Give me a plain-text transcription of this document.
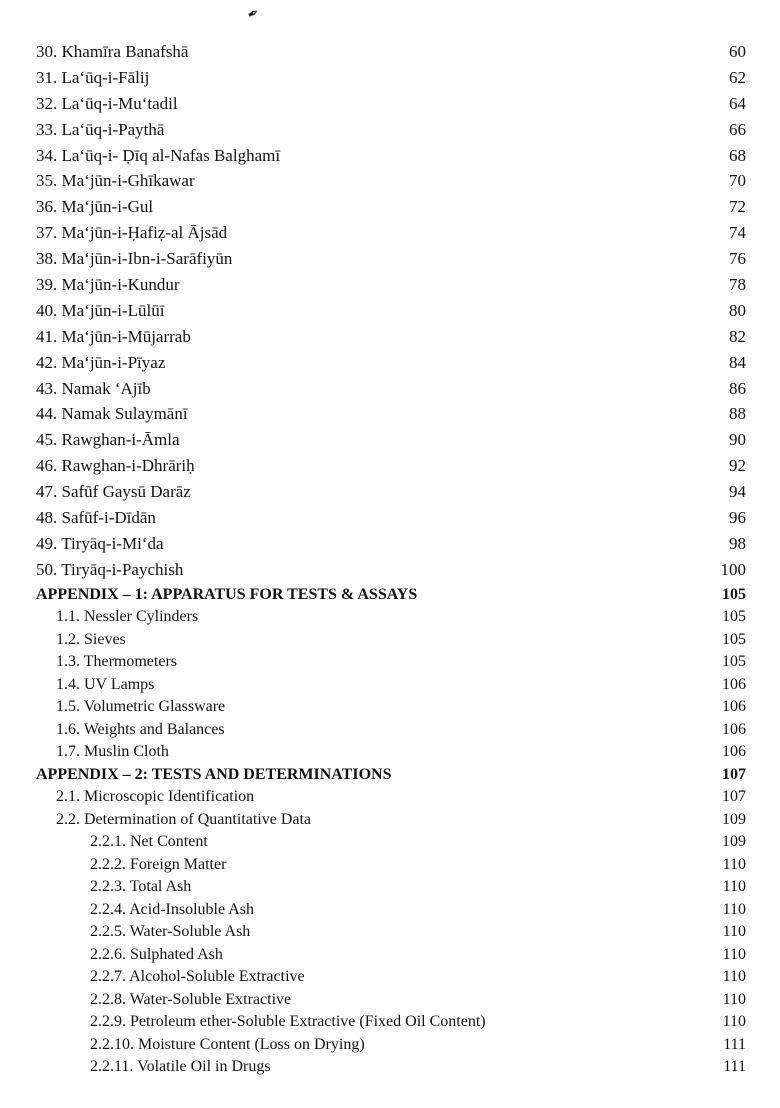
✒
30. Khamīra Banafshā	60
31. La‘ūq-i-Fālij	62
32. La‘ūq-i-Mu‘tadil	64
33. La‘ūq-i-Paythā	66
34. La‘ūq-i- Ḍīq al-Nafas Balghamī	68
35. Ma‘jūn-i-Ghīkawar	70
36. Ma‘jūn-i-Gul	72
37. Ma‘jūn-i-Ḥafiẓ-al Ājsād	74
38. Ma‘jūn-i-Ibn-i-Sarāfiyūn	76
39. Ma‘jūn-i-Kundur	78
40. Ma‘jūn-i-Lūlūī	80
41. Ma‘jūn-i-Mūjarrab	82
42. Ma‘jūn-i-Pīyaz	84
43. Namak ‘Ajīb	86
44. Namak Sulaymānī	88
45. Rawghan-i-Āmla	90
46. Rawghan-i-Dhrāriḥ	92
47. Safūf Gaysū Darāz	94
48. Safūf-i-Dīdān	96
49. Tiryāq-i-Mi‘da	98
50. Tiryāq-i-Paychish	100
APPENDIX – 1: APPARATUS FOR TESTS & ASSAYS	105
1.1. Nessler Cylinders	105
1.2. Sieves	105
1.3. Thermometers	105
1.4. UV Lamps	106
1.5. Volumetric Glassware	106
1.6. Weights and Balances	106
1.7. Muslin Cloth	106
APPENDIX – 2: TESTS AND DETERMINATIONS	107
2.1. Microscopic Identification	107
2.2. Determination of Quantitative Data	109
2.2.1. Net Content	109
2.2.2. Foreign Matter	110
2.2.3. Total Ash	110
2.2.4. Acid-Insoluble Ash	110
2.2.5. Water-Soluble Ash	110
2.2.6. Sulphated Ash	110
2.2.7. Alcohol-Soluble Extractive	110
2.2.8. Water-Soluble Extractive	110
2.2.9. Petroleum ether-Soluble Extractive (Fixed Oil Content)	110
2.2.10. Moisture Content (Loss on Drying)	111
2.2.11. Volatile Oil in Drugs	111
